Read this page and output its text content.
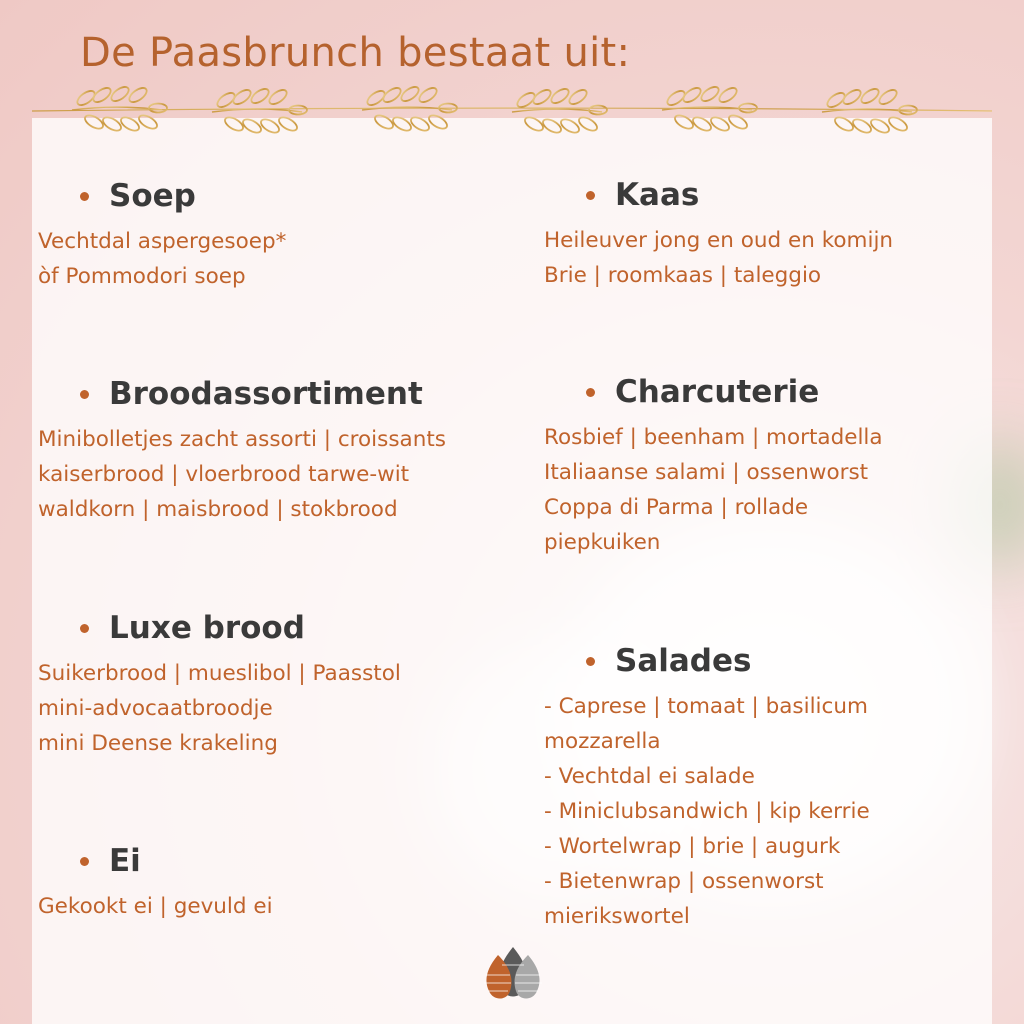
De Paasbrunch bestaat uit:
Soep
Vechtdal aspergesoep*
òf Pommodori soep
Broodassortiment
Minibolletjes zacht assorti | croissants
kaiserbrood | vloerbrood tarwe-wit
waldkorn | maisbrood | stokbrood
Luxe brood
Suikerbrood | mueslibol | Paasstol
mini-advocaatbroodje
mini Deense krakeling
Ei
Gekookt ei | gevuld ei
Kaas
Heileuver jong en oud en komijn
Brie | roomkaas | taleggio
Charcuterie
Rosbief | beenham | mortadella
Italiaanse salami | ossenworst
Coppa di Parma | rollade
piepkuiken
Salades
- Caprese | tomaat | basilicum
mozzarella
- Vechtdal ei salade
- Miniclubsandwich | kip kerrie
- Wortelwrap | brie | augurk
- Bietenwrap | ossenworst
mierikswortel
